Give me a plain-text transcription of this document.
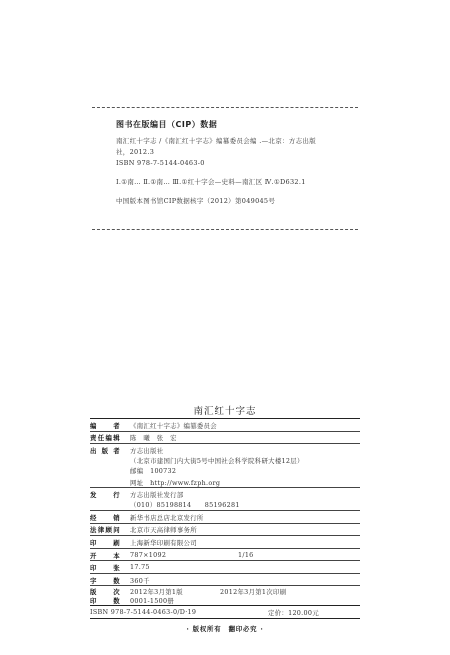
图书在版编目（CIP）数据

南汇红十字志 /《南汇红十字志》编纂委员会编 .—北京：方志出版

社，2012.3

ISBN 978-7-5144-0463-0

Ⅰ.①南… Ⅱ.①南… Ⅲ.①红十字会—史料—南汇区 Ⅳ.①D632.1

中国版本图书馆CIP数据核字（2012）第049045号

南汇红十字志
编　者 《南汇红十字志》编纂委员会
责任编辑 陈　曦　张　宏
出版者 方志出版社
（北京市建国门内大街5号中国社会科学院科研大楼12层）
邮编　100732
网址　http://www.fzph.org
发　行 方志出版社发行部
（010）85198814　　85196281
经　销 新华书店总店北京发行所
法律顾问 北京市天高律师事务所
印　刷 上海新华印刷有限公司
开　本 787×1092	1/16
印　张 17.75
字　数 360千
版　次 2012年3月第1版	2012年3月第1次印刷
印　数 0001-1500册
· 版权所有　翻印必究 ·
ISBN 978-7-5144-0463-0/D·19	定价：120.00元
